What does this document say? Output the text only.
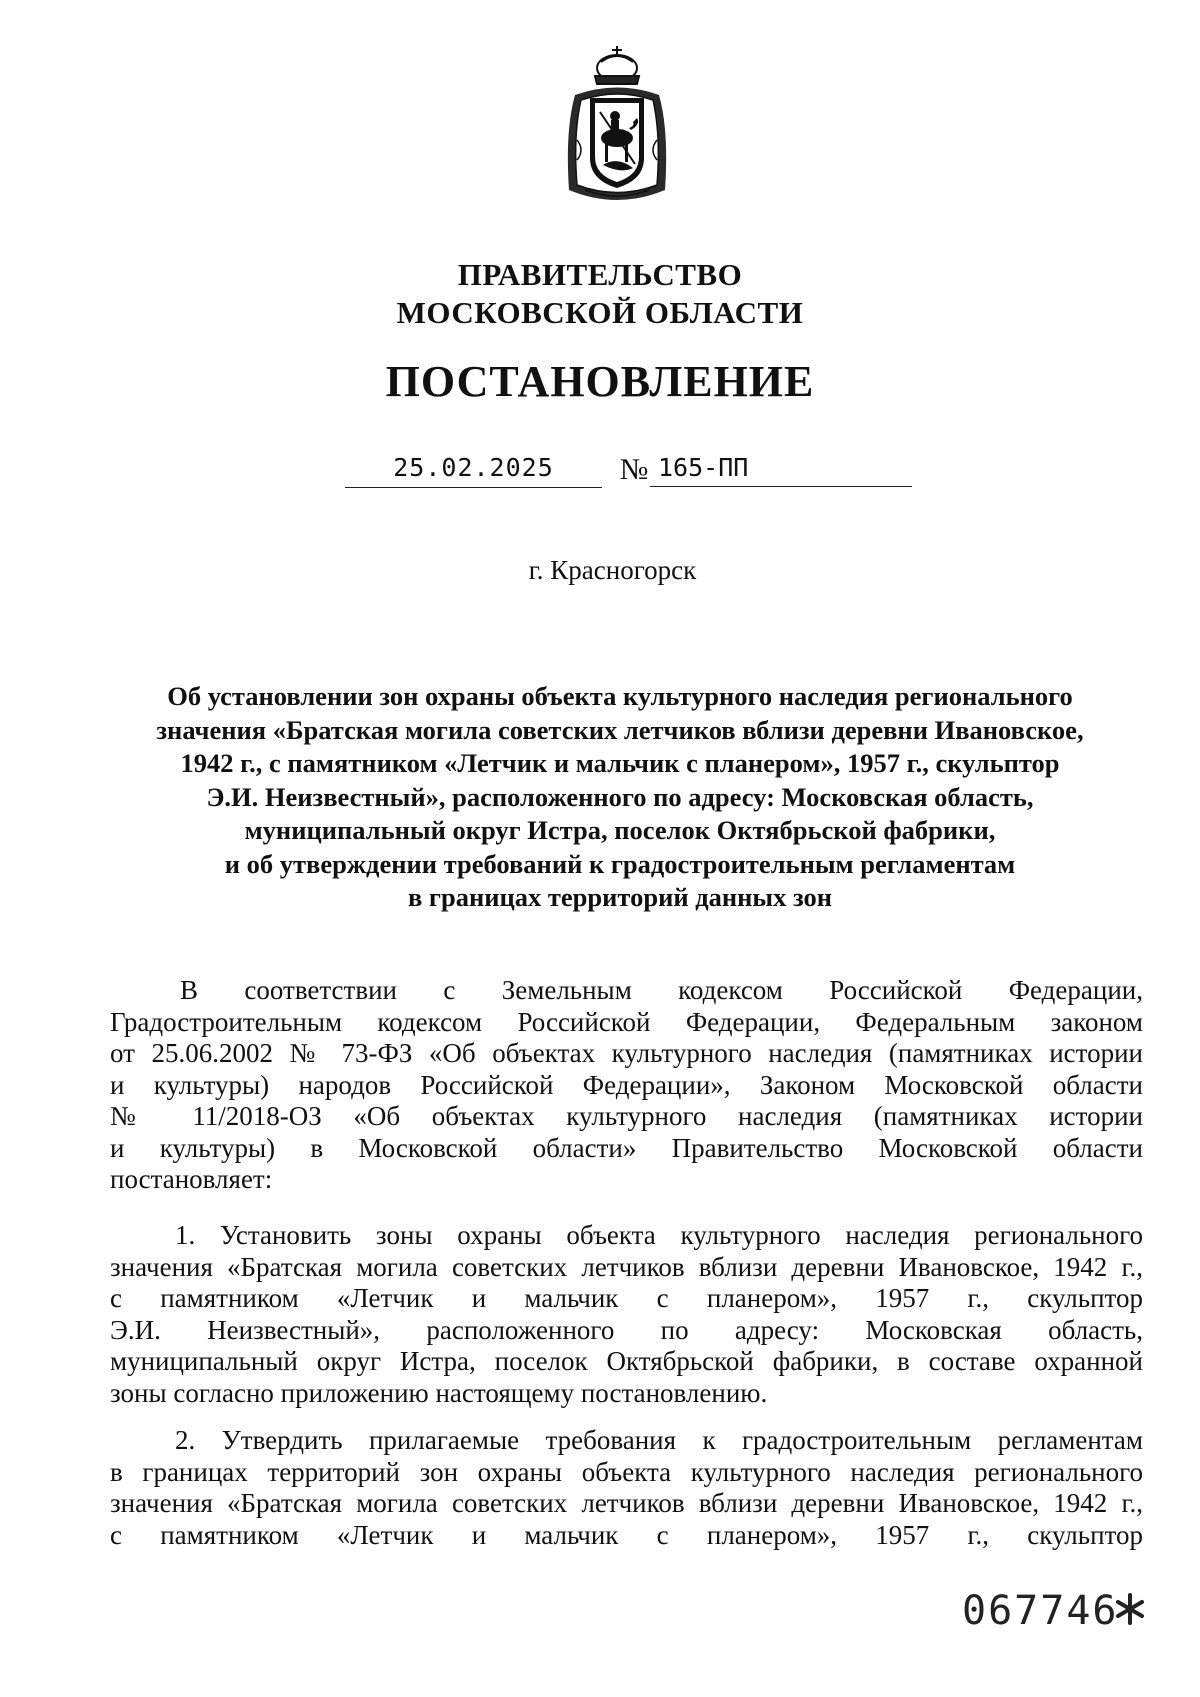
ПРАВИТЕЛЬСТВО
МОСКОВСКОЙ ОБЛАСТИ
ПОСТАНОВЛЕНИЕ
25.02.2025	№ 165-ПП
г. Красногорск
Об установлении зон охраны объекта культурного наследия регионального
значения «Братская могила советских летчиков вблизи деревни Ивановское,
1942 г., с памятником «Летчик и мальчик с планером», 1957 г., скульптор
Э.И. Неизвестный», расположенного по адресу: Московская область,
муниципальный округ Истра, поселок Октябрьской фабрики,
и об утверждении требований к градостроительным регламентам
в границах территорий данных зон
В соответствии с Земельным кодексом Российской Федерации,
Градостроительным кодексом Российской Федерации, Федеральным законом
от 25.06.2002 № 73-ФЗ «Об объектах культурного наследия (памятниках истории
и культуры) народов Российской Федерации», Законом Московской области
№ 11/2018-ОЗ «Об объектах культурного наследия (памятниках истории
и культуры) в Московской области» Правительство Московской области
постановляет:
1. Установить зоны охраны объекта культурного наследия регионального
значения «Братская могила советских летчиков вблизи деревни Ивановское, 1942 г.,
с памятником «Летчик и мальчик с планером», 1957 г., скульптор
Э.И. Неизвестный», расположенного по адресу: Московская область,
муниципальный округ Истра, поселок Октябрьской фабрики, в составе охранной
зоны согласно приложению настоящему постановлению.
2. Утвердить прилагаемые требования к градостроительным регламентам
в границах территорий зон охраны объекта культурного наследия регионального
значения «Братская могила советских летчиков вблизи деревни Ивановское, 1942 г.,
с памятником «Летчик и мальчик с планером», 1957 г., скульптор
067746
